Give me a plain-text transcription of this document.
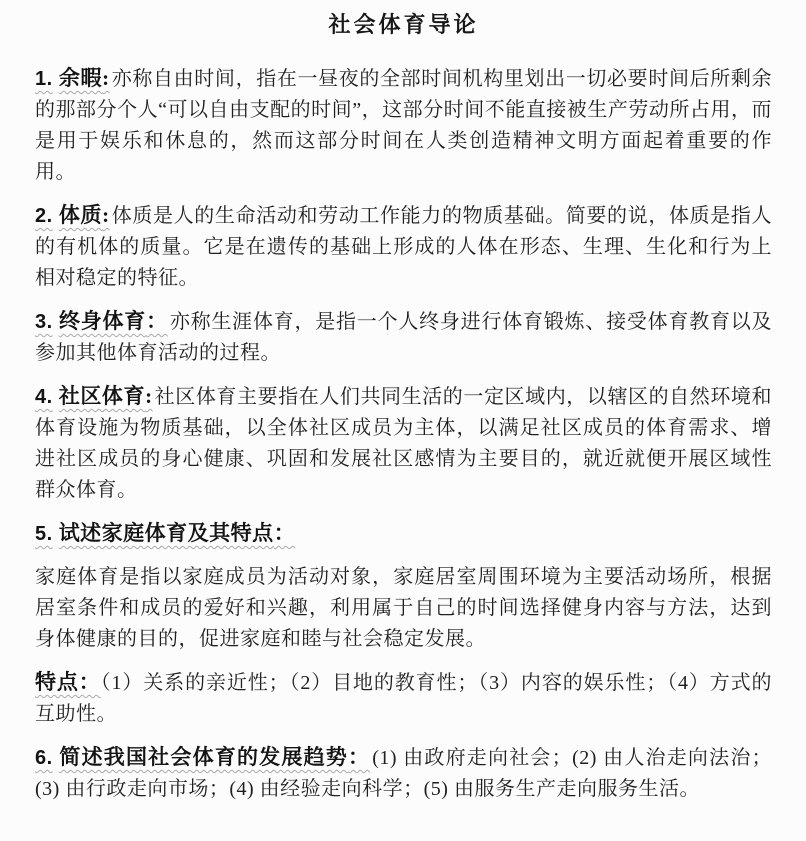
社会体育导论

1. 余暇: 亦称自由时间，指在一昼夜的全部时间机构里划出一切必要时间后所剩余的那部分个人“可以自由支配的时间”，这部分时间不能直接被生产劳动所占用，而是用于娱乐和休息的，然而这部分时间在人类创造精神文明方面起着重要的作用。

2. 体质: 体质是人的生命活动和劳动工作能力的物质基础。简要的说，体质是指人的有机体的质量。它是在遗传的基础上形成的人体在形态、生理、生化和行为上相对稳定的特征。

3. 终身体育： 亦称生涯体育，是指一个人终身进行体育锻炼、接受体育教育以及参加其他体育活动的过程。

4. 社区体育: 社区体育主要指在人们共同生活的一定区域内，以辖区的自然环境和体育设施为物质基础，以全体社区成员为主体，以满足社区成员的体育需求、增进社区成员的身心健康、巩固和发展社区感情为主要目的，就近就便开展区域性群众体育。

5. 试述家庭体育及其特点：

家庭体育是指以家庭成员为活动对象，家庭居室周围环境为主要活动场所，根据居室条件和成员的爱好和兴趣，利用属于自己的时间选择健身内容与方法，达到身体健康的目的，促进家庭和睦与社会稳定发展。

特点：（1）关系的亲近性；（2）目地的教育性；（3）内容的娱乐性；（4）方式的互助性。

6. 简述我国社会体育的发展趋势： (1) 由政府走向社会；(2) 由人治走向法治；(3) 由行政走向市场；(4) 由经验走向科学；(5) 由服务生产走向服务生活。
